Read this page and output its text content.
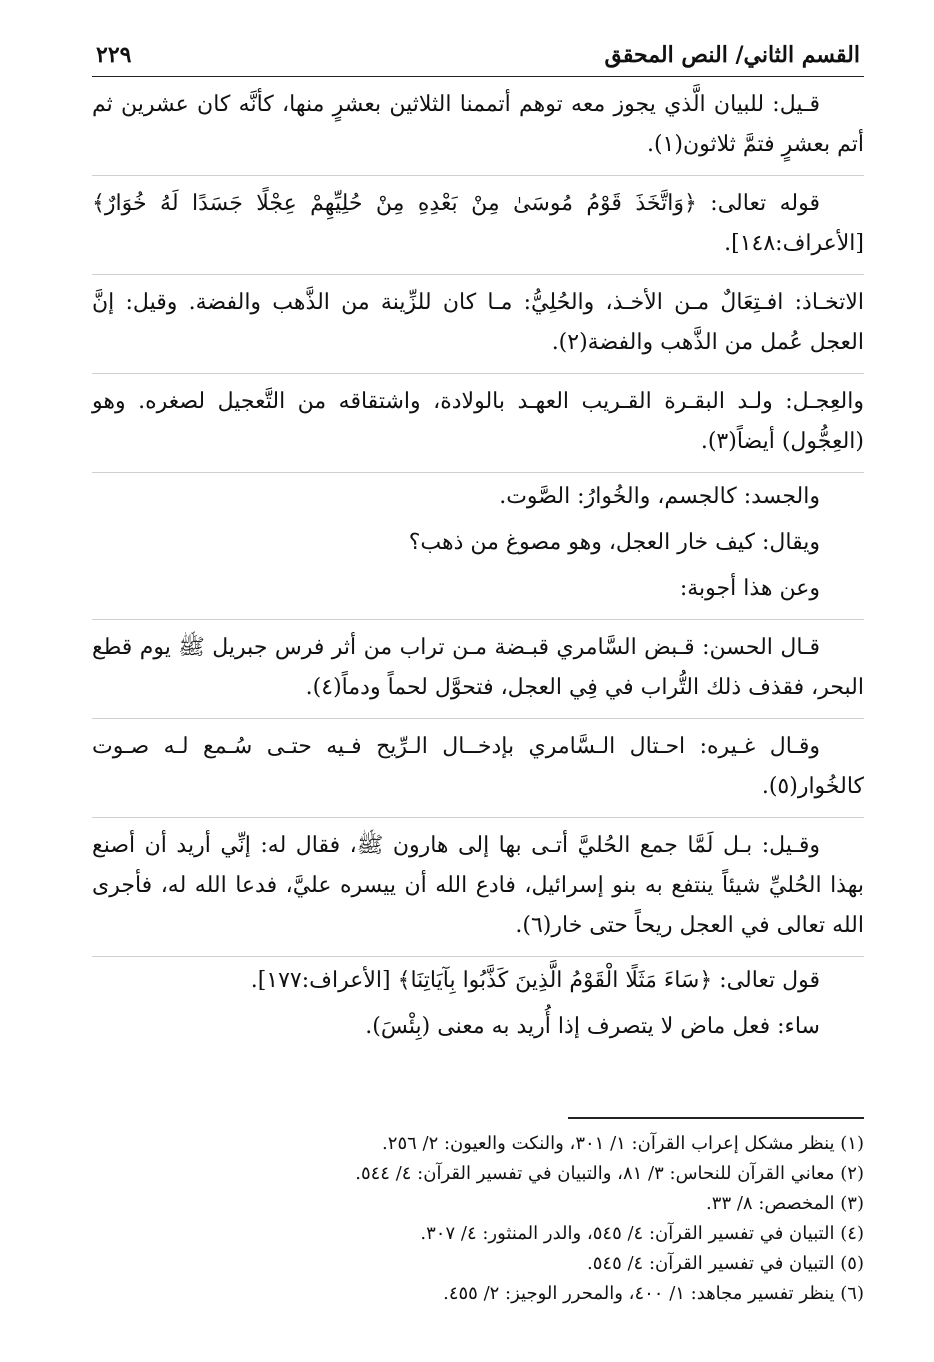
القسم الثاني/ النص المحقق
٢٢٩

قـيل: للبيان الَّذي يجوز معه توهم أتممنا الثلاثين بعشرٍ منها، كأنَّه كان عشرين ثم أتم بعشرٍ فتمَّ ثلاثون(١).

قوله تعالى: ﴿وَاتَّخَذَ قَوْمُ مُوسَىٰ مِنْ بَعْدِهِ مِنْ حُلِيِّهِمْ عِجْلًا جَسَدًا لَهُ خُوَارٌ﴾ [الأعراف:١٤٨].

الاتخـاذ: افـتِعَالٌ مـن الأخـذ، والحُلِيُّ: مـا كان للزِّينة من الذَّهب والفضة. وقيل: إنَّ العجل عُمل من الذَّهب والفضة(٢).

والعِجـل: ولـد البقـرة القـريب العهـد بالولادة، واشتقاقه من التَّعجيل لصغره. وهو (العِجُّول) أيضاً(٣).

والجسد: كالجسم، والخُوارُ: الصَّوت.

ويقال: كيف خار العجل، وهو مصوغ من ذهب؟

وعن هذا أجوبة:

قـال الحسن: قـبض السَّامري قبـضة مـن تراب من أثر فرس جبريل ﷺ يوم قطع البحر، فقذف ذلك التُّراب في فِي العجل، فتحوَّل لحماً ودماً(٤).

وقـال غـيره: احـتال الـسَّامري بإدخــال الـرِّيح فـيه حتـى سُـمع لـه صـوت كالخُوار(٥).

وقـيل: بـل لَمَّا جمع الحُليَّ أتـى بها إلى هارون ﷺ، فقال له: إنِّي أريد أن أصنع بهذا الحُليِّ شيئاً ينتفع به بنو إسرائيل، فادع الله أن ييسره عليَّ، فدعا الله له، فأجرى الله تعالى في العجل ريحاً حتى خار(٦).

قول تعالى: ﴿سَاءَ مَثَلًا الْقَوْمُ الَّذِينَ كَذَّبُوا بِآيَاتِنَا﴾ [الأعراف:١٧٧].

ساء: فعل ماض لا يتصرف إذا أُريد به معنى (بِئْسَ).

(١) ينظر مشكل إعراب القرآن: ١/ ٣٠١، والنكت والعيون: ٢/ ٢٥٦.

(٢) معاني القرآن للنحاس: ٣/ ٨١، والتبيان في تفسير القرآن: ٤/ ٥٤٤.

(٣) المخصص: ٨/ ٣٣.

(٤) التبيان في تفسير القرآن: ٤/ ٥٤٥، والدر المنثور: ٤/ ٣٠٧.

(٥) التبيان في تفسير القرآن: ٤/ ٥٤٥.

(٦) ينظر تفسير مجاهد: ١/ ٤٠٠، والمحرر الوجيز: ٢/ ٤٥٥.
